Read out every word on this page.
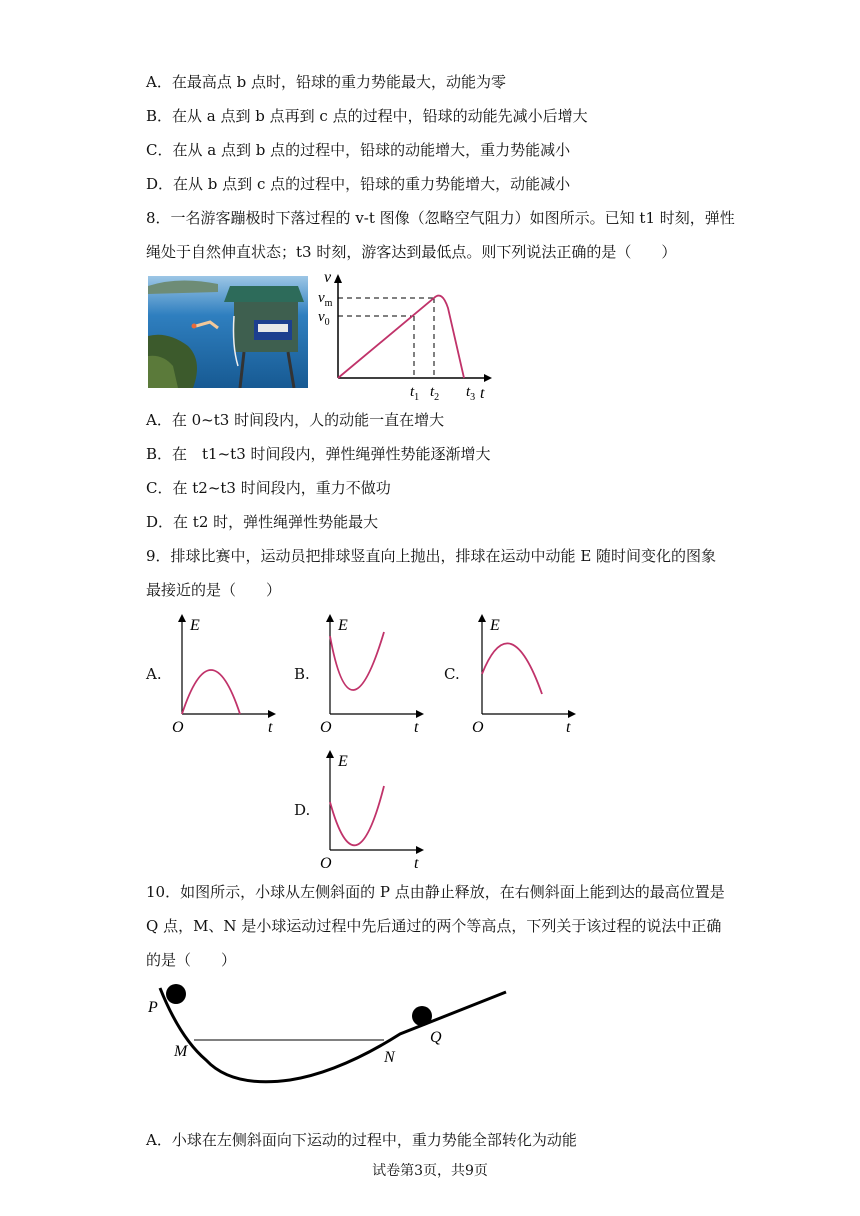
A．在最高点 b 点时，铅球的重力势能最大，动能为零
B．在从 a 点到 b 点再到 c 点的过程中，铅球的动能先减小后增大
C．在从 a 点到 b 点的过程中，铅球的动能增大，重力势能减小
D．在从 b 点到 c 点的过程中，铅球的重力势能增大，动能减小
8．一名游客蹦极时下落过程的 v-t 图像（忽略空气阻力）如图所示。已知 t1 时刻，弹性
绳处于自然伸直状态；t3 时刻，游客达到最低点。则下列说法正确的是（　　）
v
t
$v_m$
$v_0$
$t_1$ $t_2$ $t_3$
A．在 0~t3 时间段内，人的动能一直在增大
B．在　t1~t3 时间段内，弹性绳弹性势能逐渐增大
C．在 t2~t3 时间段内，重力不做功
D．在 t2 时，弹性绳弹性势能最大
9．排球比赛中，运动员把排球竖直向上抛出，排球在运动中动能 E 随时间变化的图象
最接近的是（　　）
A.
E
t
O
B.
E
t
O
C.
E
t
O
D.
E
t
O
10．如图所示，小球从左侧斜面的 P 点由静止释放，在右侧斜面上能到达的最高位置是
Q 点，M、N 是小球运动过程中先后通过的两个等高点，下列关于该过程的说法中正确
的是（　　）
P
M	N
Q
A．小球在左侧斜面向下运动的过程中，重力势能全部转化为动能
试卷第3页，共9页
